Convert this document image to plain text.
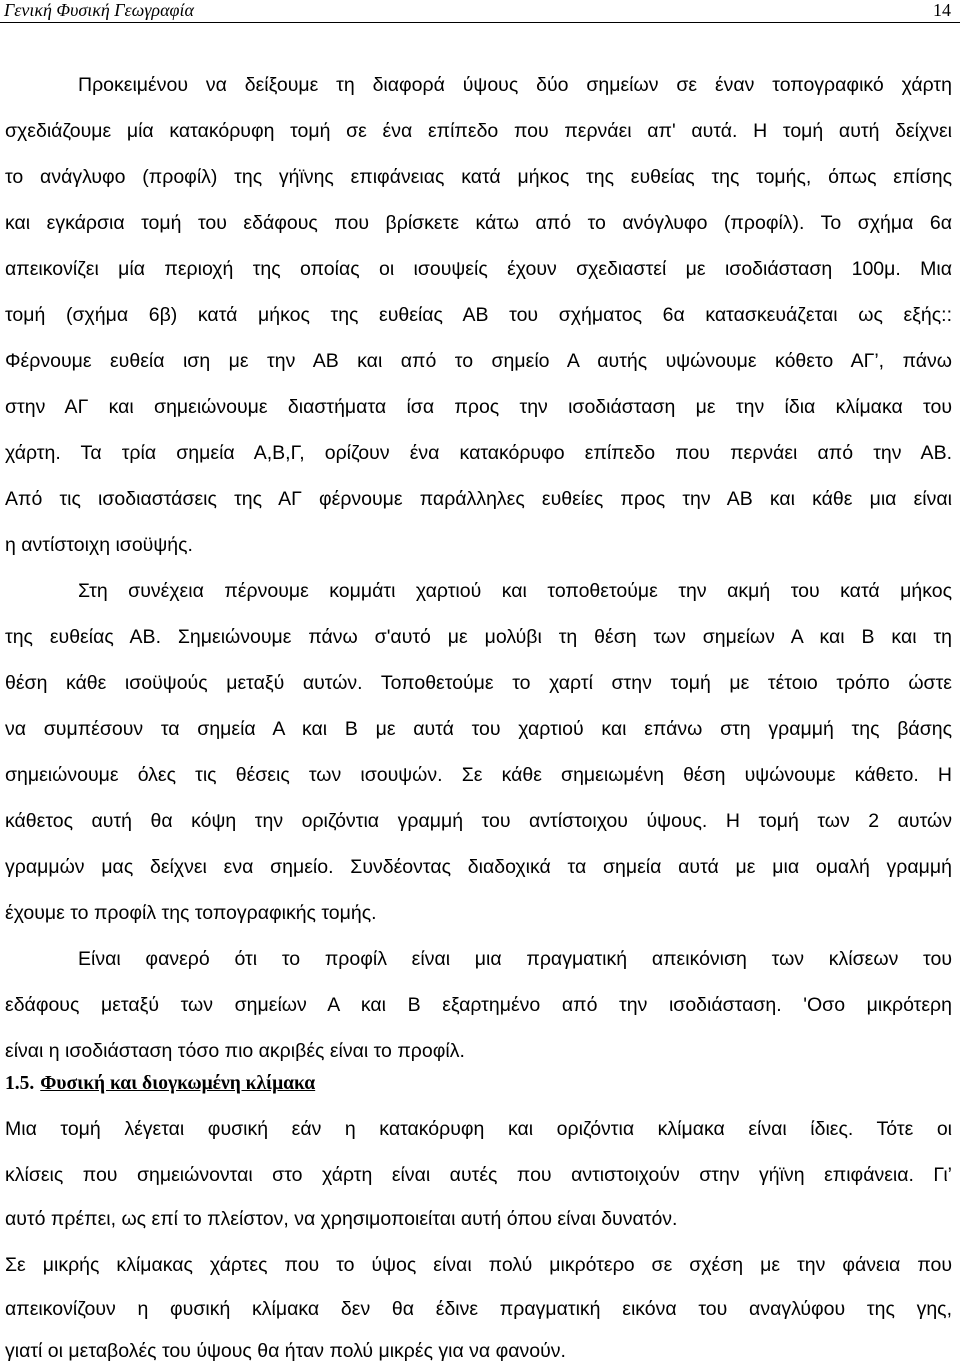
Γενική Φυσική Γεωγραφία	14
Προκειμένου να δείξουμε τη διαφορά ύψους δύο σημείων σε έναν τοπογραφικό χάρτη
σχεδιάζουμε μία κατακόρυφη τομή σε ένα επίπεδο που περνάει απ' αυτά. Η τομή αυτή δείχνει
το ανάγλυφο (προφίλ) της γήϊνης επιφάνειας κατά μήκος της ευθείας της τομής, όπως επίσης
και εγκάρσια τομή του εδάφους που βρίσκετε κάτω από το ανόγλυφο (προφίλ). Το σχήμα 6α
απεικονίζει μία περιοχή της οποίας οι ισουψείς έχουν σχεδιαστεί με ισοδιάσταση 100μ. Μια
τομή (σχήμα 6β) κατά μήκος της ευθείας ΑΒ του σχήματος 6α κατασκευάζεται ως εξής::
Φέρνουμε ευθεία ιση με την ΑΒ και από το σημείο Α αυτής υψώνουμε κόθετο ΑΓ’, πάνω
στην ΑΓ και σημειώνουμε διαστήματα ίσα προς την ισοδιάσταση με την ίδια κλίμακα του
χάρτη. Τα τρία σημεία Α,Β,Γ, ορίζουν ένα κατακόρυφο επίπεδο που περνάει από την ΑΒ.
Από τις ισοδιαστάσεις της ΑΓ φέρνουμε παράλληλες ευθείες προς την ΑΒ και κάθε μια είναι
η αντίστοιχη ισοϋψής.
Στη συνέχεια πέρνουμε κομμάτι χαρτιού και τοποθετούμε την ακμή του κατά μήκος
της ευθείας ΑΒ. Σημειώνουμε πάνω σ'αυτό με μολύβι τη θέση των σημείων Α και Β και τη
θέση κάθε ισοϋψούς μεταξύ αυτών. Τοποθετούμε το χαρτί στην τομή με τέτοιο τρόπο ώστε
να συμπέσουν τα σημεία Α και Β με αυτά του χαρτιού και επάνω στη γραμμή της βάσης
σημειώνουμε όλες τις θέσεις των ισουψών. Σε κάθε σημειωμένη θέση υψώνουμε κάθετο. Η
κάθετος αυτή θα κόψη την οριζόντια γραμμή του αντίστοιχου ύψους. Η τομή των 2 αυτών
γραμμών μας δείχνει ενα σημείο. Συνδέοντας διαδοχικά τα σημεία αυτά με μια ομαλή γραμμή
έχουμε το προφίλ της τοπογραφικής τομής.
Είναι φανερό ότι το προφίλ είναι μια πραγματική απεικόνιση των κλίσεων του
εδάφους μεταξύ των σημείων Α και Β εξαρτημένο από την ισοδιάσταση. 'Οσο μικρότερη
είναι η ισοδιάσταση τόσο πιο ακριβές είναι το προφίλ.
1.5. Φυσική και διογκωμένη κλίμακα
Μια τομή λέγεται φυσική εάν η κατακόρυφη και οριζόντια κλίμακα είναι ίδιες. Τότε οι
κλίσεις που σημειώνονται στο χάρτη είναι αυτές που αντιστοιχούν στην γήϊνη επιφάνεια. Γι’
αυτό πρέπει, ως επί το πλείστον, να χρησιμοποιείται αυτή όπου είναι δυνατόν.
Σε μικρής κλίμακας χάρτες που το ύψος είναι πολύ μικρότερο σε σχέση με την φάνεια που
απεικονίζουν η φυσική κλίμακα δεν θα έδινε πραγματική εικόνα του αναγλύφου της γης,
γιατί οι μεταβολές του ύψους θα ήταν πολύ μικρές για να φανούν.
